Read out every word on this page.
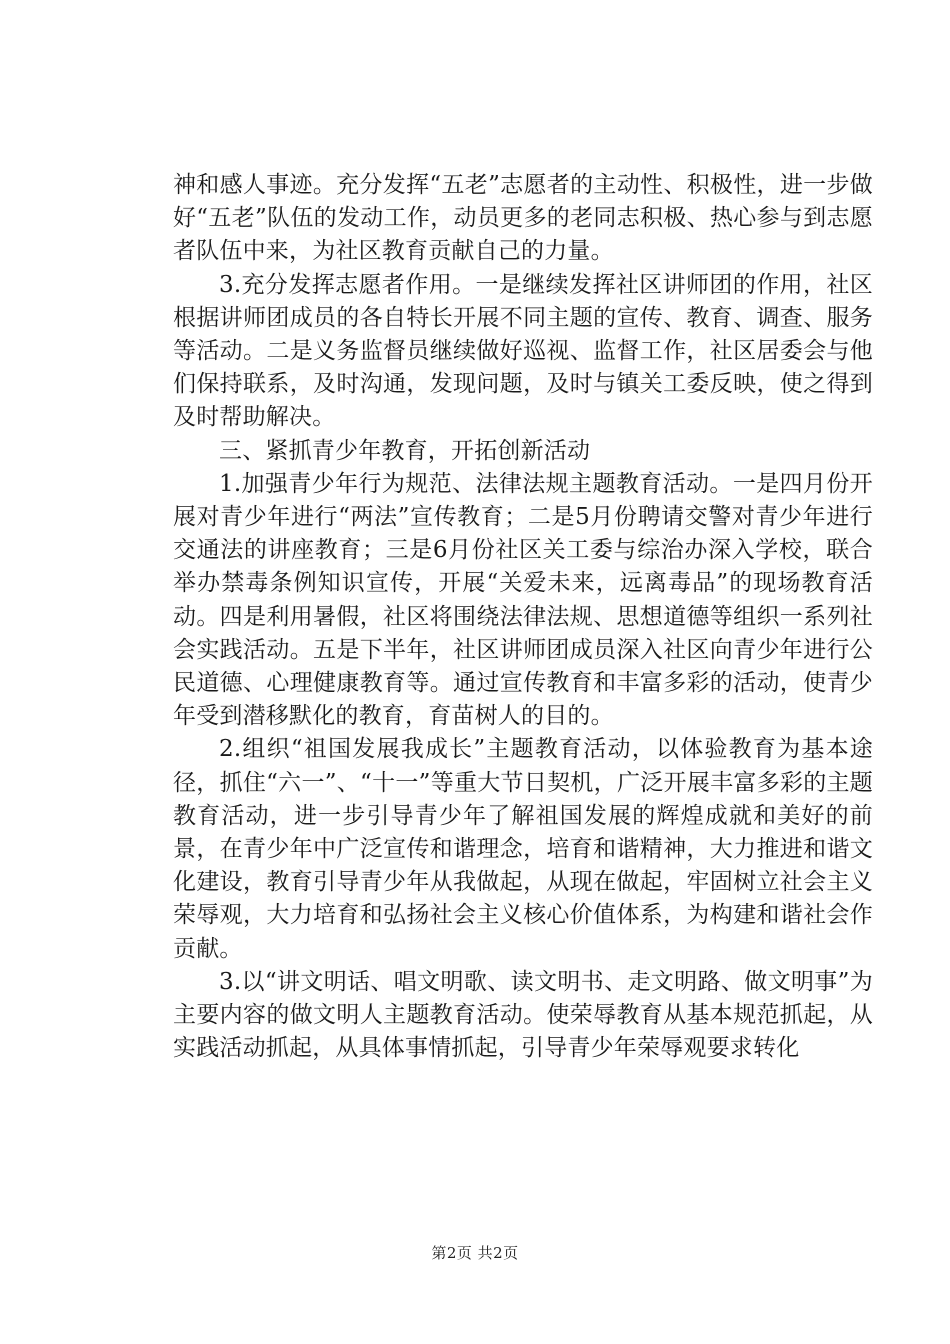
神和感人事迹。充分发挥“五老”志愿者的主动性、积极性，进一步做好“五老”队伍的发动工作，动员更多的老同志积极、热心参与到志愿者队伍中来，为社区教育贡献自己的力量。

3.充分发挥志愿者作用。一是继续发挥社区讲师团的作用，社区根据讲师团成员的各自特长开展不同主题的宣传、教育、调查、服务等活动。二是义务监督员继续做好巡视、监督工作，社区居委会与他们保持联系，及时沟通，发现问题，及时与镇关工委反映，使之得到及时帮助解决。

三、紧抓青少年教育，开拓创新活动

1.加强青少年行为规范、法律法规主题教育活动。一是四月份开展对青少年进行“两法”宣传教育；二是5月份聘请交警对青少年进行交通法的讲座教育；三是6月份社区关工委与综治办深入学校，联合举办禁毒条例知识宣传，开展“关爱未来，远离毒品”的现场教育活动。四是利用暑假，社区将围绕法律法规、思想道德等组织一系列社会实践活动。五是下半年，社区讲师团成员深入社区向青少年进行公民道德、心理健康教育等。通过宣传教育和丰富多彩的活动，使青少年受到潜移默化的教育，育苗树人的目的。

2.组织“祖国发展我成长”主题教育活动，以体验教育为基本途径，抓住“六一”、“十一”等重大节日契机，广泛开展丰富多彩的主题教育活动，进一步引导青少年了解祖国发展的辉煌成就和美好的前景，在青少年中广泛宣传和谐理念，培育和谐精神，大力推进和谐文化建设，教育引导青少年从我做起，从现在做起，牢固树立社会主义荣辱观，大力培育和弘扬社会主义核心价值体系，为构建和谐社会作贡献。

3.以“讲文明话、唱文明歌、读文明书、走文明路、做文明事”为主要内容的做文明人主题教育活动。使荣辱教育从基本规范抓起，从实践活动抓起，从具体事情抓起，引导青少年荣辱观要求转化

第2页 共2页
